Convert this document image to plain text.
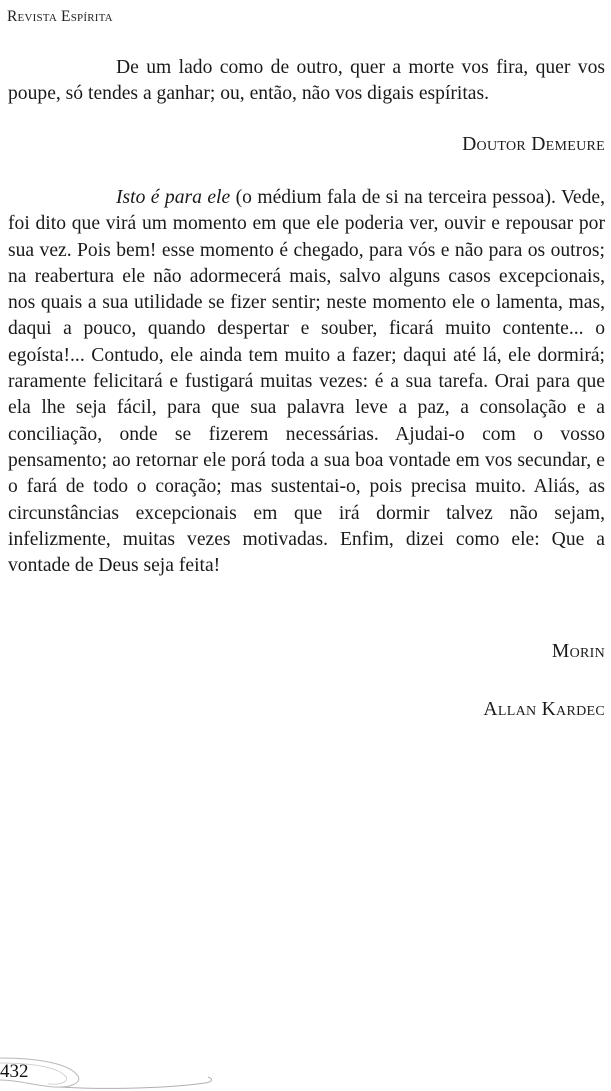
Revista Espírita
De um lado como de outro, quer a morte vos fira, quer vos poupe, só tendes a ganhar; ou, então, não vos digais espíritas.
Doutor Demeure
Isto é para ele (o médium fala de si na terceira pessoa). Vede, foi dito que virá um momento em que ele poderia ver, ouvir e repousar por sua vez. Pois bem! esse momento é chegado, para vós e não para os outros; na reabertura ele não adormecerá mais, salvo alguns casos excepcionais, nos quais a sua utilidade se fizer sentir; neste momento ele o lamenta, mas, daqui a pouco, quando despertar e souber, ficará muito contente... o egoísta!... Contudo, ele ainda tem muito a fazer; daqui até lá, ele dormirá; raramente felicitará e fustigará muitas vezes: é a sua tarefa. Orai para que ela lhe seja fácil, para que sua palavra leve a paz, a consolação e a conciliação, onde se fizerem necessárias. Ajudai-o com o vosso pensamento; ao retornar ele porá toda a sua boa vontade em vos secundar, e o fará de todo o coração; mas sustentai-o, pois precisa muito. Aliás, as circunstâncias excepcionais em que irá dormir talvez não sejam, infelizmente, muitas vezes motivadas. Enfim, dizei como ele: Que a vontade de Deus seja feita!
Morin
Allan Kardec
432
